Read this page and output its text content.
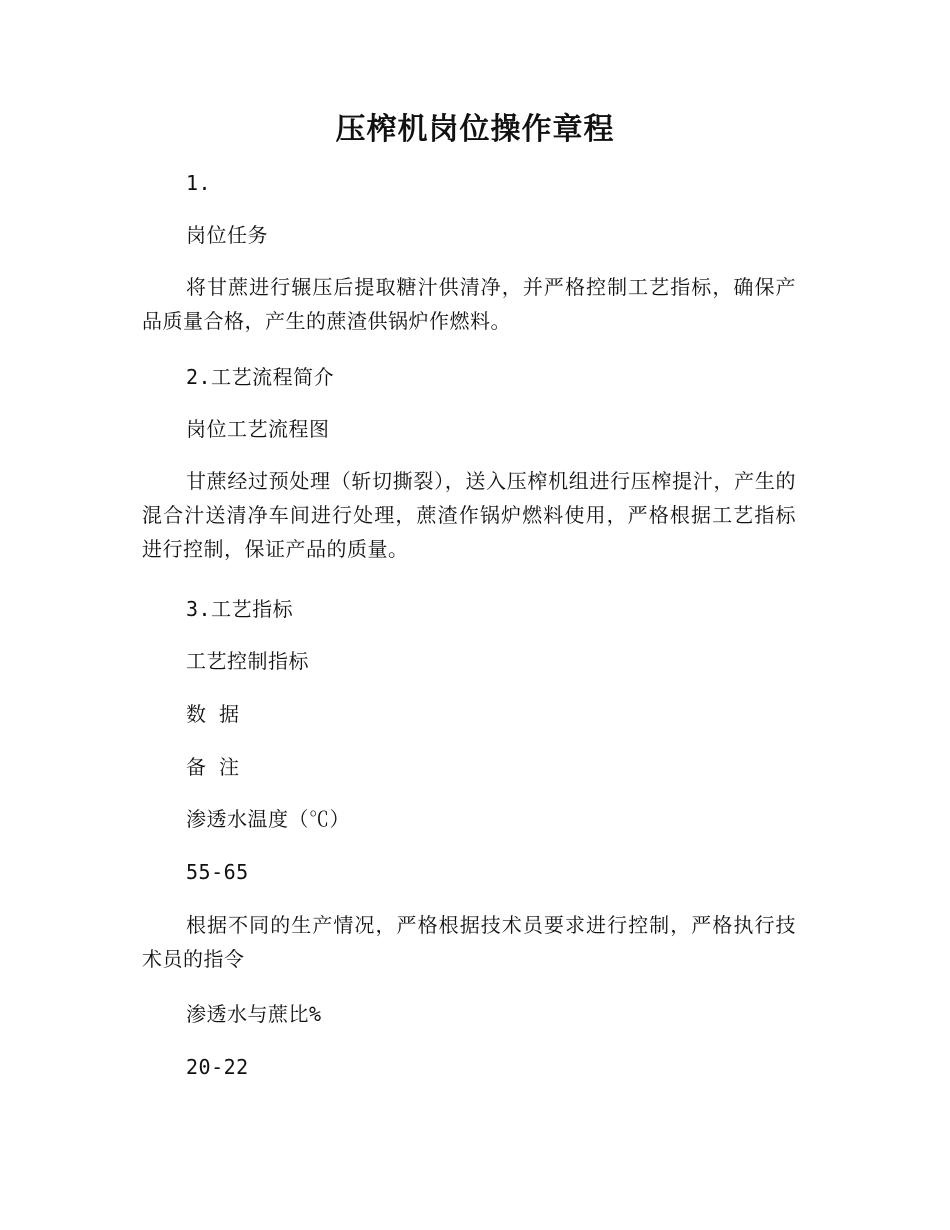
压榨机岗位操作章程

1.

岗位任务

将甘蔗进行辗压后提取糖汁供清净，并严格控制工艺指标，确保产品质量合格，产生的蔗渣供锅炉作燃料。

2.工艺流程简介

岗位工艺流程图

甘蔗经过预处理（斩切撕裂），送入压榨机组进行压榨提汁，产生的混合汁送清净车间进行处理，蔗渣作锅炉燃料使用，严格根据工艺指标进行控制，保证产品的质量。

3.工艺指标

工艺控制指标

数 据

备 注

渗透水温度（℃）

55-65

根据不同的生产情况，严格根据技术员要求进行控制，严格执行技术员的指令

渗透水与蔗比%

20-22
